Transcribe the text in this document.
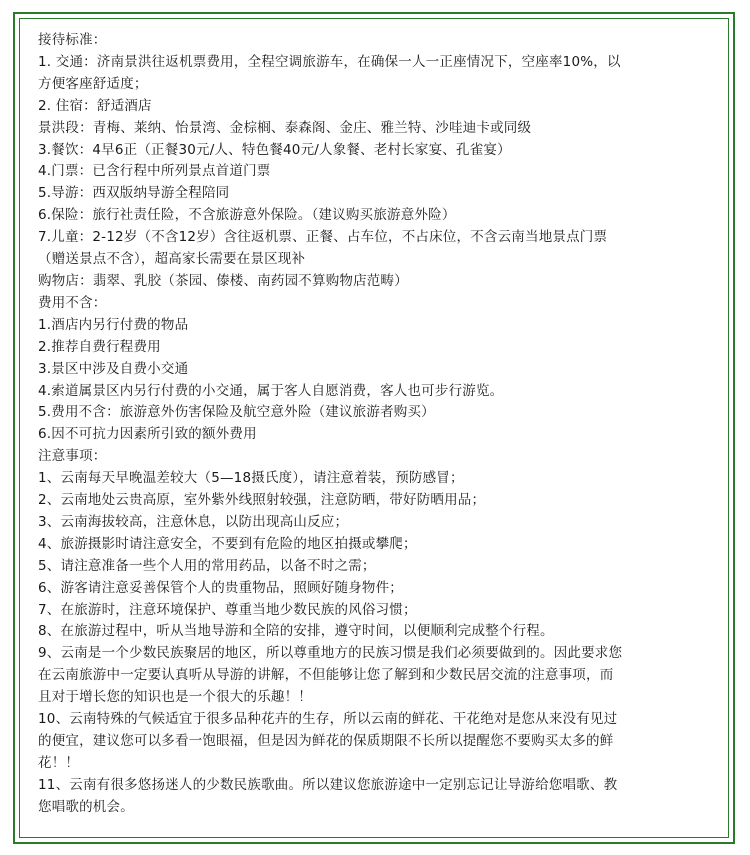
接待标准：
1. 交通：济南景洪往返机票费用，全程空调旅游车，在确保一人一正座情况下，空座率10%，以
方便客座舒适度；
2. 住宿：舒适酒店
景洪段：青梅、莱纳、怡景湾、金棕榈、泰森阁、金庄、雅兰特、沙哇迪卡或同级
3.餐饮：4早6正（正餐30元/人、特色餐40元/人象餐、老村长家宴、孔雀宴）
4.门票：已含行程中所列景点首道门票
5.导游：西双版纳导游全程陪同
6.保险：旅行社责任险，不含旅游意外保险。（建议购买旅游意外险）
7.儿童：2-12岁（不含12岁）含往返机票、正餐、占车位，不占床位，不含云南当地景点门票
（赠送景点不含），超高家长需要在景区现补
购物店：翡翠、乳胶（茶园、傣楼、南药园不算购物店范畴）
费用不含：
1.酒店内另行付费的物品
2.推荐自费行程费用
3.景区中涉及自费小交通
4.索道属景区内另行付费的小交通，属于客人自愿消费，客人也可步行游览。
5.费用不含：旅游意外伤害保险及航空意外险（建议旅游者购买）
6.因不可抗力因素所引致的额外费用
注意事项：
1、云南每天早晚温差较大（5—18摄氏度），请注意着装，预防感冒；
2、云南地处云贵高原，室外紫外线照射较强，注意防晒，带好防晒用品；
3、云南海拔较高，注意休息，以防出现高山反应；
4、旅游摄影时请注意安全，不要到有危险的地区拍摄或攀爬；
5、请注意准备一些个人用的常用药品，以备不时之需；
6、游客请注意妥善保管个人的贵重物品，照顾好随身物件；
7、在旅游时，注意环境保护、尊重当地少数民族的风俗习惯；
8、在旅游过程中，听从当地导游和全陪的安排，遵守时间，以便顺利完成整个行程。
9、云南是一个少数民族聚居的地区，所以尊重地方的民族习惯是我们必须要做到的。因此要求您
在云南旅游中一定要认真听从导游的讲解，不但能够让您了解到和少数民居交流的注意事项，而
且对于增长您的知识也是一个很大的乐趣！！
10、云南特殊的气候适宜于很多品种花卉的生存，所以云南的鲜花、干花绝对是您从来没有见过
的便宜，建议您可以多看一饱眼福，但是因为鲜花的保质期限不长所以提醒您不要购买太多的鲜
花！！
11、云南有很多悠扬迷人的少数民族歌曲。所以建议您旅游途中一定别忘记让导游给您唱歌、教
您唱歌的机会。
